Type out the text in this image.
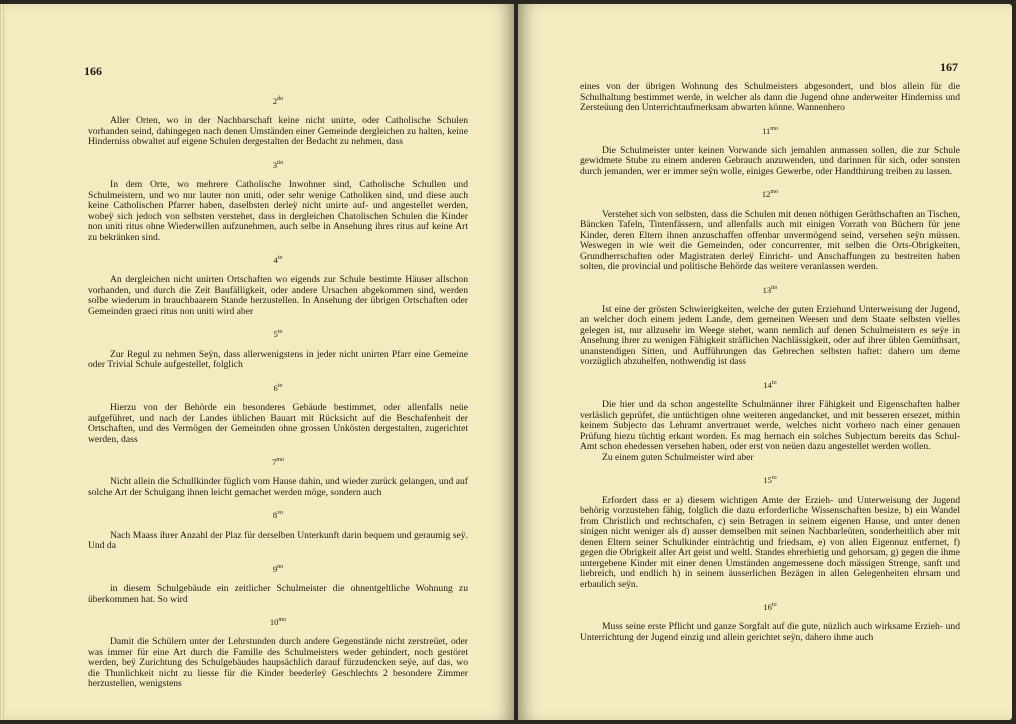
166
$2^{do}$

Aller Orten, wo in der Nachbarschaft keine nicht unirte, oder Catholische Schulen vorhanden seind, dahingegen nach denen Umständen einer Gemeinde dergleichen zu halten, keine Hinderniss obwaltet auf eigene Schulen dergestalten der Bedacht zu nehmen, dass

$3^{tio}$

In dem Orte, wo mehrere Catholische Inwohner sind, Catholische Schullen und Schulmeistern, und wo nur lauter non uniti, oder sehr wenige Catholiken sind, und diese auch keine Catholischen Pfarrer haben, daselbsten derleÿ nicht unirte auf- und angestellet werden, wobeÿ sich jedoch von selbsten verstehet, dass in dergleichen Chatolischen Schulen die Kinder non uniti ritus ohne Wiederwillen aufzunehmen, auch selbe in Ansehung ihres ritus auf keine Art zu bekränken sind.

$4^{to}$

An dergleichen nicht unirten Ortschaften wo eigends zur Schule bestimte Häuser allschon vorhanden, und durch die Zeit Baufälligkeit, oder andere Ursachen abgekommen sind, werden solbe wiederum in brauchbaarem Stande herzustellen. In Ansehung der übrigen Ortschaften oder Gemeinden graeci ritus non uniti wird aber

$5^{to}$

Zur Regul zu nehmen Seÿn, dass allerwenigstens in jeder nicht unirten Pfarr eine Gemeine oder Trivial Schule aufgestellet, folglich

$6^{to}$

Hierzu von der Behörde ein besonderes Gebäude bestimmet, oder allenfalls neüe aufgeführet, und nach der Landes üblichen Bauart mit Rücksicht auf die Beschafenheit der Ortschaften, und des Vermögen der Gemeinden ohne grossen Unkösten dergestalten, zugerichtet werden, dass

$7^{mo}$

Nicht allein die Schullkinder füglich vom Hause dahin, und wieder zurück gelangen, und auf solche Art der Schulgang ihnen leicht gemachet werden möge, sondern auch

$8^{vo}$

Nach Maass ihrer Anzahl der Plaz für derselben Unterkunft darin bequem und geraumig seÿ. Und da

$9^{no}$

in diesem Schulgebäude ein zeitlicher Schulmeister die ohnentgeltliche Wohnung zu überkommen hat. So wird

$10^{mo}$

Damit die Schülern unter der Lehrstunden durch andere Gegenstände nicht zerstreüet, oder was immer für eine Art durch die Famille des Schulmeisters weder gehindert, noch gestöret werden, beÿ Zurichtung des Schulgebäudes haupsächlich darauf fürzudencken seÿe, auf das, wo die Thunlichkeit nicht zu liesse für die Kinder beederleÿ Geschlechts 2 besondere Zimmer herzustellen, wenigstens

167

eines von der übrigen Wohnung des Schulmeisters abgesondert, und blos allein für die Schulhaltung bestimmet werde, in welcher als dann die Jugend ohne anderweiter Hinderniss und Zersteüung den Unterrichtaufmerksam abwarten könne. Wannenhero

$11^{mo}$

Die Schulmeister unter keinen Vorwande sich jemahlen anmassen sollen, die zur Schule gewidmete Stube zu einem anderen Gebrauch anzuwenden, und darinnen für sich, oder sonsten durch jemanden, wer er immer seÿn wolle, einiges Gewerbe, oder Handthirung treiben zu lassen.

$12^{mo}$

Verstehet sich von selbsten, dass die Schulen mit denen nöthigen Geräthschaften an Tischen, Bäncken Tafeln, Tintenfässern, und allenfalls auch mit einigen Vorrath von Büchern für jene Kinder, deren Eltern ihnen anzuschaffen offenbar unvermögend seind, versehen seÿn müssen. Weswegen in wie weit die Gemeinden, oder concurrenter, mit selben die Orts-Obrigkeiten, Grundherrschaften oder Magistraten derleÿ Einricht- und Anschaffungen zu bestreiten haben solten, die provincial und politische Behörde das weitere veranlassen werden.

$13^{tio}$

Ist eine der grösten Schwierigkeiten, welche der guten Erziehund Unterweisung der Jugend, an welcher doch einem jedem Lande, dem gemeinen Weesen und dem Staate selbsten vielles gelegen ist, nur allzusehr im Weege stehet, wann nemlich auf denen Schulmeistern es seÿe in Ansehung ihrer zu wenigen Fähigkeit sträflichen Nachlässigkeit, oder auf ihrer üblen Gemüthsart, unanstendigen Sitten, und Aufführungen das Gebrechen selbsten haftet: dahero um deme vorzüglich abzuhelfen, nothwendig ist dass

$14^{to}$

Die hier und da schon angestellte Schulmänner ihrer Fähigkeit und Eigenschaften halber verläslich geprüfet, die untüchtigen ohne weiteren angedancket, und mit besseren ersezet, mithin keinem Subjecto das Lehramt anvertrauet werde, welches nicht vorhero nach einer genauen Prüfung hiezu tüchtig erkant worden. Es mag hernach ein solches Subjectum bereits das Schul-Amt schon ehedessen versehen haben, oder erst von neüen dazu angestellet werden wollen.

Zu einem guten Schulmeister wird aber

$15^{to}$

Erfordert dass er a) diesem wichtigen Amte der Erzieh- und Unterweisung der Jugend behörig vorzustehen fähig, folglich die dazu erforderliche Wissenschaften besize, b) ein Wandel from Christlich und rechtschafen, c) sein Betragen in seinem eigenen Hause, und unter denen sinigen nicht weniger als d) ausser demselben mit seinen Nachbarleüten, sonderheitlich aber mit denen Eltern seiner Schulkinder einträchtig und friedsam, e) von allen Eigennuz entfernet, f) gegen die Obrigkeit aller Art geist und weltl. Standes ehrerbietig und gehorsam, g) gegen die ihme untergebene Kinder mit einer denen Umständen angemessene doch mässigen Strenge, sanft und liebreich, und endlich h) in seinem äusserlichen Bezägen in allen Gelegenheiten ehrsam und erbaulich seÿn.

$16^{to}$

Muss seine erste Pflicht und ganze Sorgfalt auf die gute, nüzlich auch wirksame Erzieh- und Unterrichtung der Jugend einzig und allein gerichtet seÿn, dahero ihme auch
